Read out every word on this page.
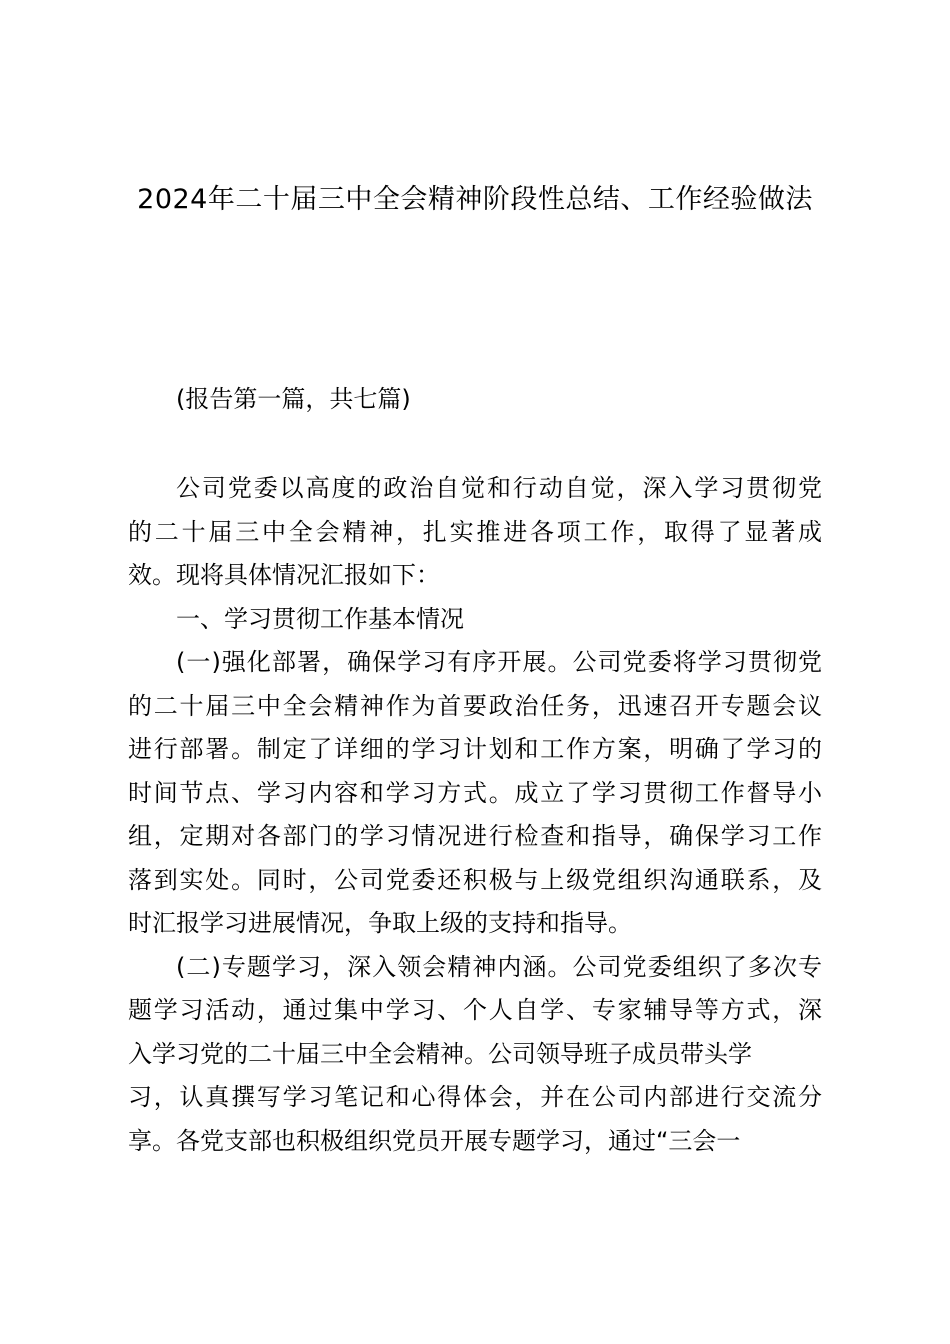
2024年二十届三中全会精神阶段性总结、工作经验做法
(报告第一篇，共七篇)
公司党委以高度的政治自觉和行动自觉，深入学习贯彻党
的二十届三中全会精神，扎实推进各项工作，取得了显著成
效。现将具体情况汇报如下：
一、学习贯彻工作基本情况
(一)强化部署，确保学习有序开展。公司党委将学习贯彻党
的二十届三中全会精神作为首要政治任务，迅速召开专题会议
进行部署。制定了详细的学习计划和工作方案，明确了学习的
时间节点、学习内容和学习方式。成立了学习贯彻工作督导小
组，定期对各部门的学习情况进行检查和指导，确保学习工作
落到实处。同时，公司党委还积极与上级党组织沟通联系，及
时汇报学习进展情况，争取上级的支持和指导。
(二)专题学习，深入领会精神内涵。公司党委组织了多次专
题学习活动，通过集中学习、个人自学、专家辅导等方式，深
入学习党的二十届三中全会精神。公司领导班子成员带头学
习，认真撰写学习笔记和心得体会，并在公司内部进行交流分
享。各党支部也积极组织党员开展专题学习，通过“三会一
